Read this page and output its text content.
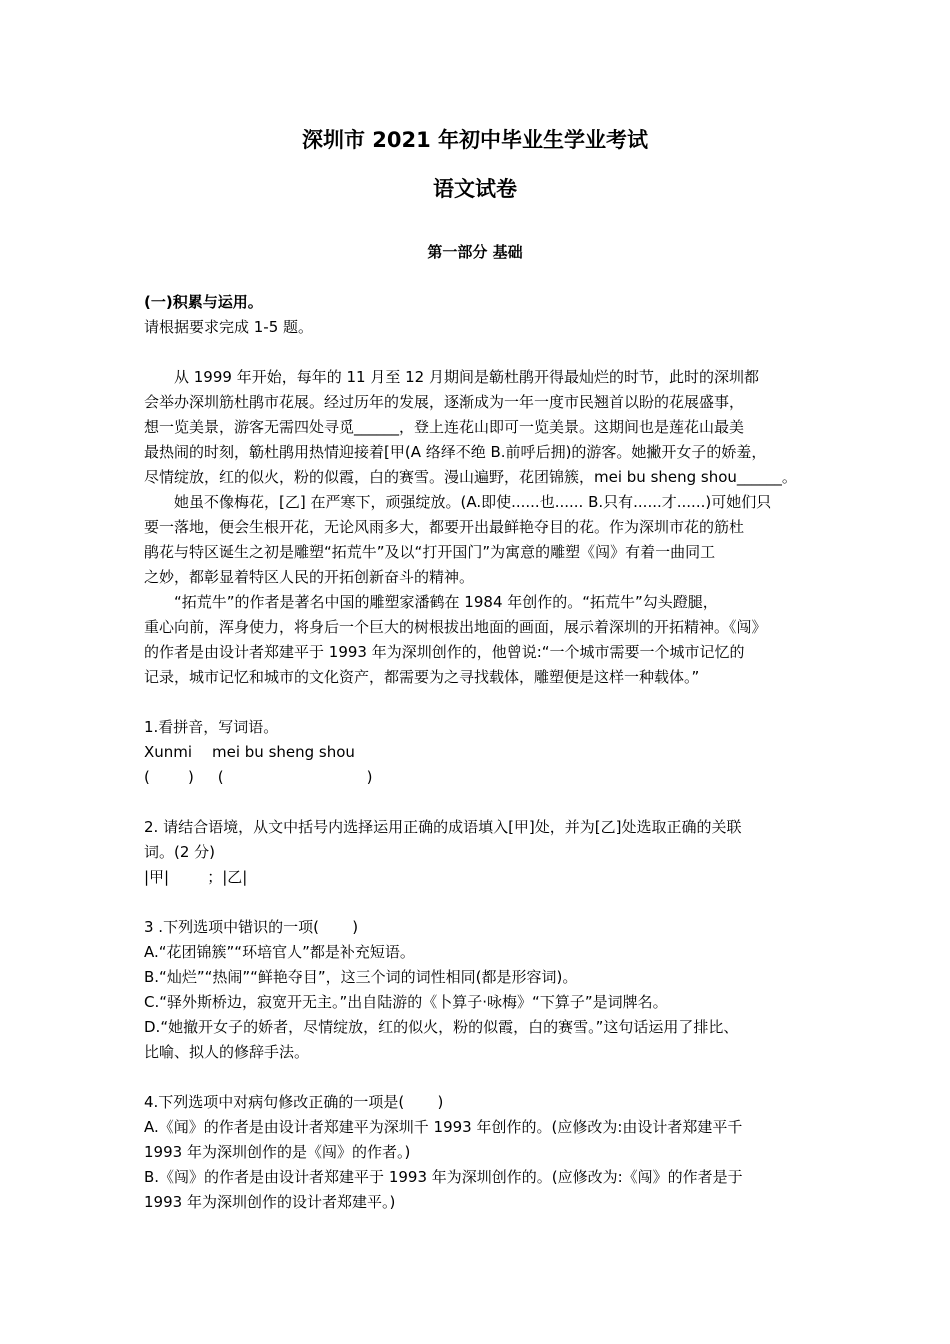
深圳市 2021 年初中毕业生学业考试
语文试卷
第一部分 基础
(一)积累与运用。
请根据要求完成 1-5 题。
从 1999 年开始，每年的 11 月至 12 月期间是簕杜鹃开得最灿烂的时节，此时的深圳都
会举办深圳筋杜鹃市花展。经过历年的发展，逐渐成为一年一度市民翘首以盼的花展盛事，
想一览美景，游客无需四处寻觅______，登上连花山即可一览美景。这期间也是莲花山最美
最热闹的时刻，簕杜鹃用热情迎接着[甲(A 络绎不绝 B.前呼后拥)的游客。她撇开女子的娇羞，
尽情绽放，红的似火，粉的似霞，白的赛雪。漫山遍野，花团锦簇，mei bu sheng shou______。
她虽不像梅花，[乙] 在严寒下，顽强绽放。(A.即使......也...... B.只有......才......)可她们只
要一落地，便会生根开花，无论风雨多大，都要开出最鲜艳夺目的花。作为深圳市花的筋杜
鹃花与特区诞生之初是雕塑“拓荒牛”及以“打开国门”为寓意的雕塑《闯》有着一曲同工
之妙，都彰显着特区人民的开拓创新奋斗的精神。
“拓荒牛”的作者是著名中国的雕塑家潘鹤在 1984 年创作的。“拓荒牛”勾头蹬腿，
重心向前，浑身使力，将身后一个巨大的树根拔出地面的画面，展示着深圳的开拓精神。《闯》
的作者是由设计者郑建平于 1993 年为深圳创作的，他曾说:“一个城市需要一个城市记忆的
记录，城市记忆和城市的文化资产，都需要为之寻找载体，雕塑便是这样一种载体。”
1.看拼音，写词语。
Xunmi	mei bu sheng shou
(        )     (                              )
2. 请结合语境，从文中括号内选择运用正确的成语填入[甲]处，并为[乙]处选取正确的关联
词。(2 分)
|甲|        ；|乙|
3 .下列选项中错识的一项(       )
A.“花团锦簇”“环培官人”都是补充短语。
B.“灿烂”“热闹”“鲜艳夺目”，这三个词的词性相同(都是形容词)。
C.“驿外斯桥边，寂宽开无主。”出自陆游的《卜算子·咏梅》“下算子”是词牌名。
D.“她撤开女子的娇者，尽情绽放，红的似火，粉的似霞，白的赛雪。”这句话运用了排比、
比喻、拟人的修辞手法。
4.下列选项中对病句修改正确的一项是(       )
A.《闻》的作者是由设计者郑建平为深圳千 1993 年创作的。(应修改为:由设计者郑建平千
1993 年为深圳创作的是《闯》的作者。)
B.《闯》的作者是由设计者郑建平于 1993 年为深圳创作的。(应修改为:《闯》的作者是于
1993 年为深圳创作的设计者郑建平。)
